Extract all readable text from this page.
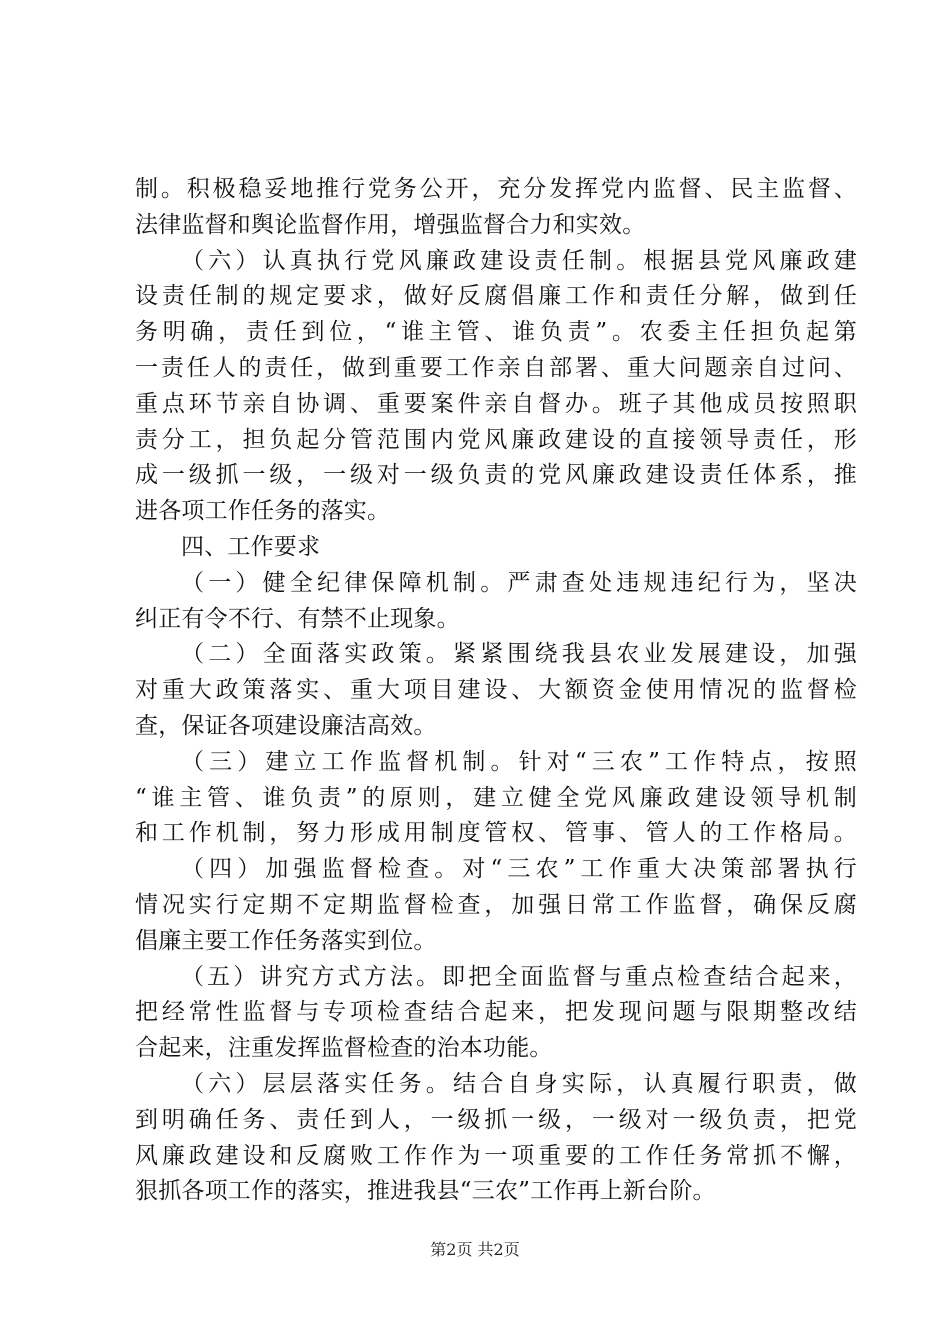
制。积极稳妥地推行党务公开，充分发挥党内监督、民主监督、
法律监督和舆论监督作用，增强监督合力和实效。
（六）认真执行党风廉政建设责任制。根据县党风廉政建
设责任制的规定要求，做好反腐倡廉工作和责任分解，做到任
务明确，责任到位，“谁主管、谁负责”。农委主任担负起第
一责任人的责任，做到重要工作亲自部署、重大问题亲自过问、
重点环节亲自协调、重要案件亲自督办。班子其他成员按照职
责分工，担负起分管范围内党风廉政建设的直接领导责任，形
成一级抓一级，一级对一级负责的党风廉政建设责任体系，推
进各项工作任务的落实。
四、工作要求
（一）健全纪律保障机制。严肃查处违规违纪行为，坚决
纠正有令不行、有禁不止现象。
（二）全面落实政策。紧紧围绕我县农业发展建设，加强
对重大政策落实、重大项目建设、大额资金使用情况的监督检
查，保证各项建设廉洁高效。
（三）建立工作监督机制。针对“三农”工作特点，按照
“谁主管、谁负责”的原则，建立健全党风廉政建设领导机制
和工作机制，努力形成用制度管权、管事、管人的工作格局。
（四）加强监督检查。对“三农”工作重大决策部署执行
情况实行定期不定期监督检查，加强日常工作监督，确保反腐
倡廉主要工作任务落实到位。
（五）讲究方式方法。即把全面监督与重点检查结合起来，
把经常性监督与专项检查结合起来，把发现问题与限期整改结
合起来，注重发挥监督检查的治本功能。
（六）层层落实任务。结合自身实际，认真履行职责，做
到明确任务、责任到人，一级抓一级，一级对一级负责，把党
风廉政建设和反腐败工作作为一项重要的工作任务常抓不懈，
狠抓各项工作的落实，推进我县“三农”工作再上新台阶。
第2页 共2页
